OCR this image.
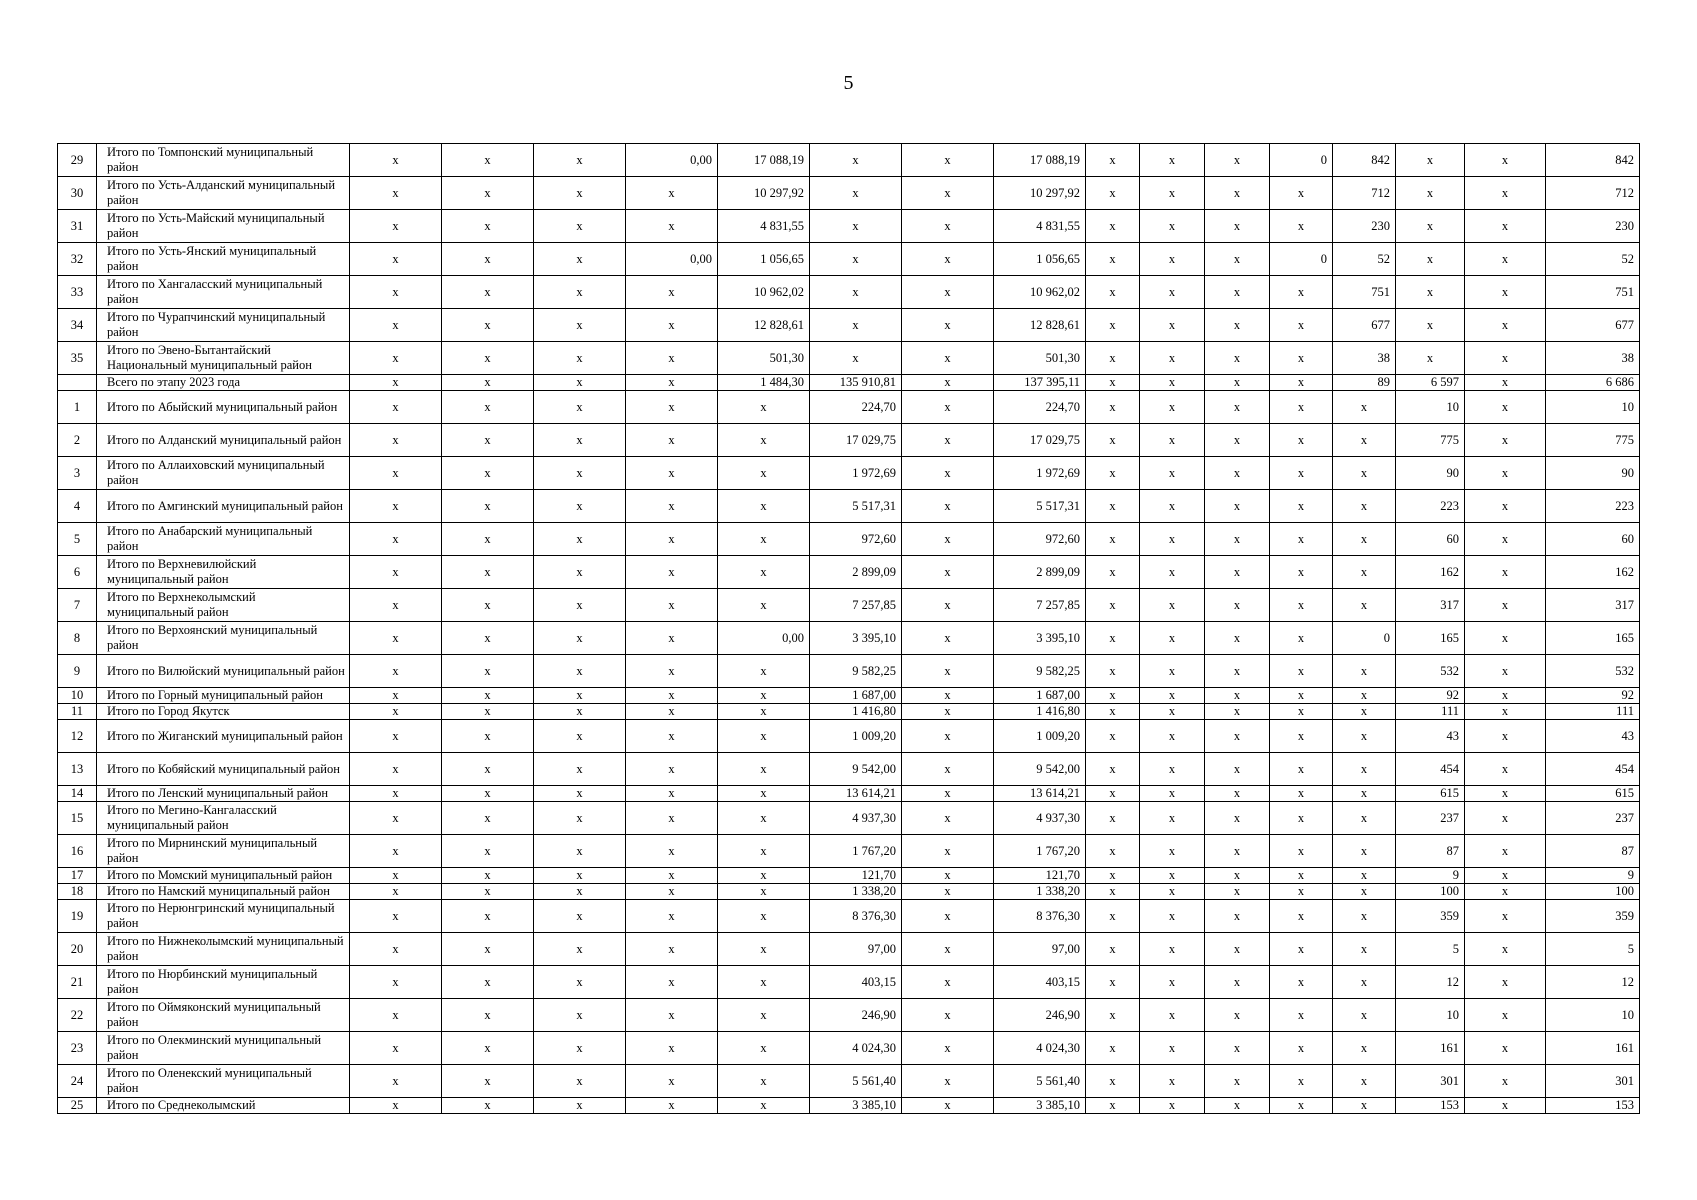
5
29	Итого по Томпонский муниципальный район	x	x	x	0,00	17 088,19	x	x	17 088,19	x	x	x	0	842	x	x	842
30	Итого по Усть-Алданский муниципальный район	x	x	x	x	10 297,92	x	x	10 297,92	x	x	x	x	712	x	x	712
31	Итого по Усть-Майский муниципальный район	x	x	x	x	4 831,55	x	x	4 831,55	x	x	x	x	230	x	x	230
32	Итого по Усть-Янский муниципальный район	x	x	x	0,00	1 056,65	x	x	1 056,65	x	x	x	0	52	x	x	52
33	Итого по Хангаласский муниципальный район	x	x	x	x	10 962,02	x	x	10 962,02	x	x	x	x	751	x	x	751
34	Итого по Чурапчинский муниципальный район	x	x	x	x	12 828,61	x	x	12 828,61	x	x	x	x	677	x	x	677
35	Итого по Эвено-Бытантайский Национальный муниципальный район	x	x	x	x	501,30	x	x	501,30	x	x	x	x	38	x	x	38
	Всего по этапу 2023 года	x	x	x	x	1 484,30	135 910,81	x	137 395,11	x	x	x	x	89	6 597	x	6 686
1	Итого по Абыйский муниципальный район	x	x	x	x	x	224,70	x	224,70	x	x	x	x	x	10	x	10
2	Итого по Алданский муниципальный район	x	x	x	x	x	17 029,75	x	17 029,75	x	x	x	x	x	775	x	775
3	Итого по Аллаиховский муниципальный район	x	x	x	x	x	1 972,69	x	1 972,69	x	x	x	x	x	90	x	90
4	Итого по Амгинский муниципальный район	x	x	x	x	x	5 517,31	x	5 517,31	x	x	x	x	x	223	x	223
5	Итого по Анабарский муниципальный район	x	x	x	x	x	972,60	x	972,60	x	x	x	x	x	60	x	60
6	Итого по Верхневилюйский муниципальный район	x	x	x	x	x	2 899,09	x	2 899,09	x	x	x	x	x	162	x	162
7	Итого по Верхнеколымский муниципальный район	x	x	x	x	x	7 257,85	x	7 257,85	x	x	x	x	x	317	x	317
8	Итого по Верхоянский муниципальный район	x	x	x	x	0,00	3 395,10	x	3 395,10	x	x	x	x	0	165	x	165
9	Итого по Вилюйский муниципальный район	x	x	x	x	x	9 582,25	x	9 582,25	x	x	x	x	x	532	x	532
10	Итого по Горный муниципальный район	x	x	x	x	x	1 687,00	x	1 687,00	x	x	x	x	x	92	x	92
11	Итого по Город Якутск	x	x	x	x	x	1 416,80	x	1 416,80	x	x	x	x	x	111	x	111
12	Итого по Жиганский муниципальный район	x	x	x	x	x	1 009,20	x	1 009,20	x	x	x	x	x	43	x	43
13	Итого по Кобяйский муниципальный район	x	x	x	x	x	9 542,00	x	9 542,00	x	x	x	x	x	454	x	454
14	Итого по Ленский муниципальный район	x	x	x	x	x	13 614,21	x	13 614,21	x	x	x	x	x	615	x	615
15	Итого по Мегино-Кангаласский муниципальный район	x	x	x	x	x	4 937,30	x	4 937,30	x	x	x	x	x	237	x	237
16	Итого по Мирнинский муниципальный район	x	x	x	x	x	1 767,20	x	1 767,20	x	x	x	x	x	87	x	87
17	Итого по Момский муниципальный район	x	x	x	x	x	121,70	x	121,70	x	x	x	x	x	9	x	9
18	Итого по Намский муниципальный район	x	x	x	x	x	1 338,20	x	1 338,20	x	x	x	x	x	100	x	100
19	Итого по Нерюнгринский муниципальный район	x	x	x	x	x	8 376,30	x	8 376,30	x	x	x	x	x	359	x	359
20	Итого по Нижнеколымский муниципальный район	x	x	x	x	x	97,00	x	97,00	x	x	x	x	x	5	x	5
21	Итого по Нюрбинский муниципальный район	x	x	x	x	x	403,15	x	403,15	x	x	x	x	x	12	x	12
22	Итого по Оймяконский муниципальный район	x	x	x	x	x	246,90	x	246,90	x	x	x	x	x	10	x	10
23	Итого по Олекминский муниципальный район	x	x	x	x	x	4 024,30	x	4 024,30	x	x	x	x	x	161	x	161
24	Итого по Оленекский муниципальный район	x	x	x	x	x	5 561,40	x	5 561,40	x	x	x	x	x	301	x	301
25	Итого по Среднеколымский	x	x	x	x	x	3 385,10	x	3 385,10	x	x	x	x	x	153	x	153
